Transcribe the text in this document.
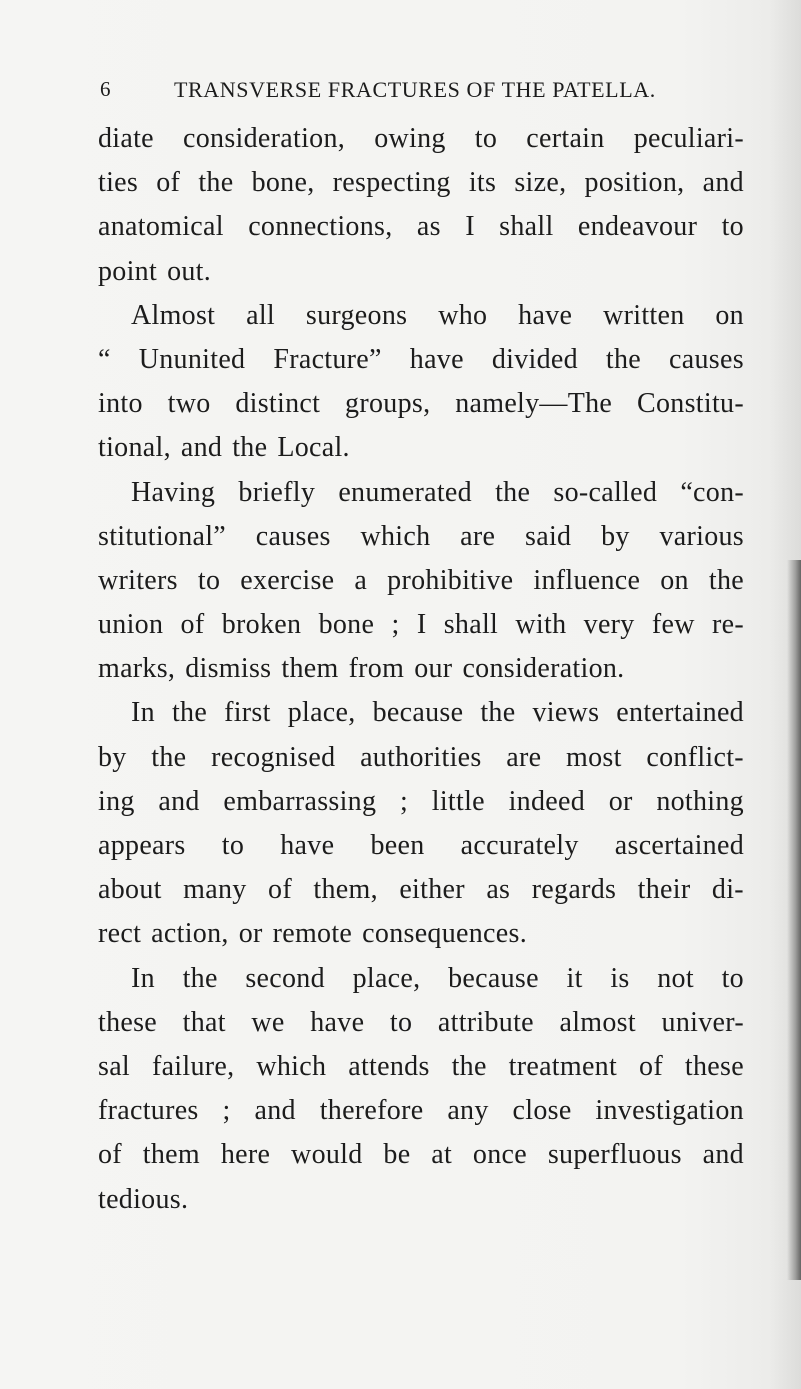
6	TRANSVERSE FRACTURES OF THE PATELLA.
diate consideration, owing to certain peculiari-
ties of the bone, respecting its size, position, and
anatomical connections, as I shall endeavour to
point out.
Almost all surgeons who have written on
“ Ununited Fracture” have divided the causes
into two distinct groups, namely—The Constitu-
tional, and the Local.
Having briefly enumerated the so-called “con-
stitutional” causes which are said by various
writers to exercise a prohibitive influence on the
union of broken bone ; I shall with very few re-
marks, dismiss them from our consideration.
In the first place, because the views entertained
by the recognised authorities are most conflict-
ing and embarrassing ; little indeed or nothing
appears to have been accurately ascertained
about many of them, either as regards their di-
rect action, or remote consequences.
In the second place, because it is not to
these that we have to attribute almost univer-
sal failure, which attends the treatment of these
fractures ; and therefore any close investigation
of them here would be at once superfluous and
tedious.
